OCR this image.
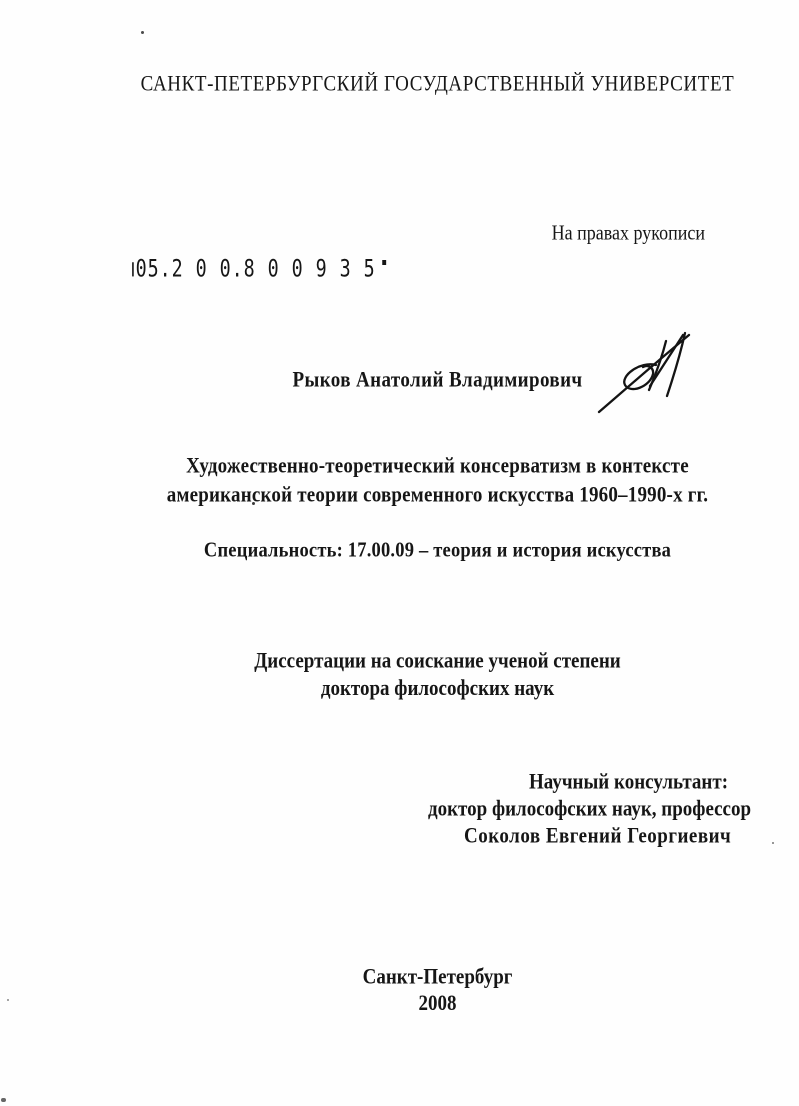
САНКТ-ПЕТЕРБУРГСКИЙ ГОСУДАРСТВЕННЫЙ УНИВЕРСИТЕТ
На правах рукописи
05.2 0 0.8 0 0 9 3 5 ▪
Рыков Анатолий Владимирович
Художественно-теоретический консерватизм в контексте
американской теории современного искусства 1960–1990-х гг.
Специальность: 17.00.09 – теория и история искусства
Диссертации на соискание ученой степени
доктора философских наук
Научный консультант:
доктор философских наук, профессор
Соколов Евгений Георгиевич
Санкт-Петербург
2008
